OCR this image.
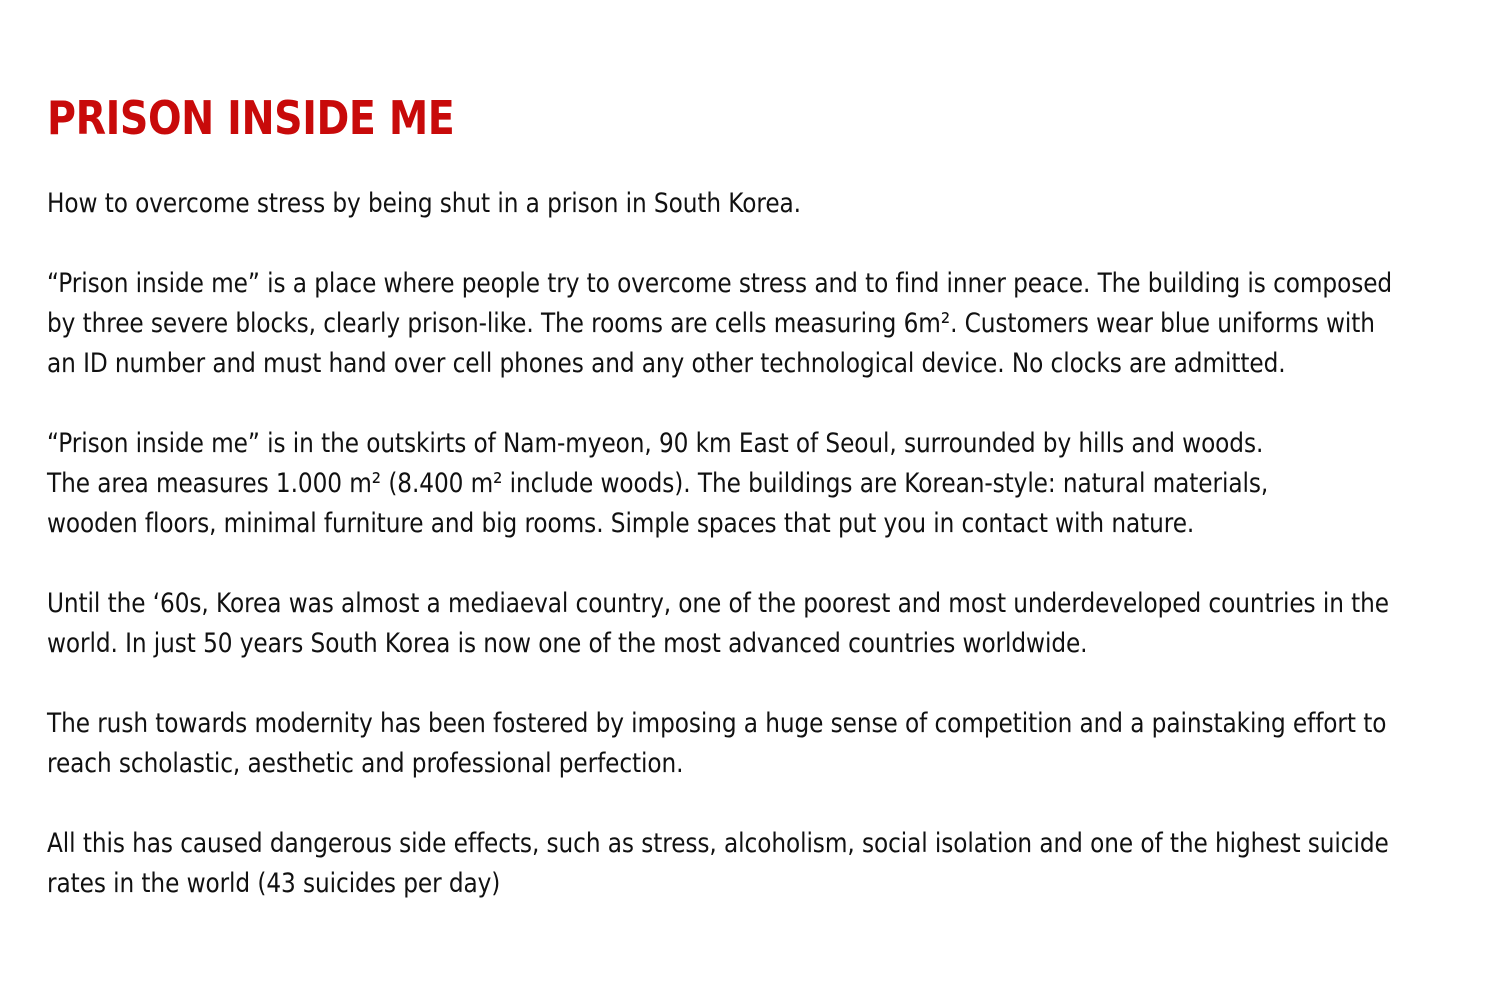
PRISON INSIDE ME

How to overcome stress by being shut in a prison in South Korea.

“Prison inside me” is a place where people try to overcome stress and to find inner peace. The building is composed
by three severe blocks, clearly prison-like. The rooms are cells measuring 6m². Customers wear blue uniforms with
an ID number and must hand over cell phones and any other technological device. No clocks are admitted.

“Prison inside me” is in the outskirts of Nam-myeon, 90 km East of Seoul, surrounded by hills and woods.
The area measures 1.000 m² (8.400 m² include woods). The buildings are Korean-style: natural materials,
wooden floors, minimal furniture and big rooms. Simple spaces that put you in contact with nature.

Until the ‘60s, Korea was almost a mediaeval country, one of the poorest and most underdeveloped countries in the
world. In just 50 years South Korea is now one of the most advanced countries worldwide.

The rush towards modernity has been fostered by imposing a huge sense of competition and a painstaking effort to
reach scholastic, aesthetic and professional perfection.

All this has caused dangerous side effects, such as stress, alcoholism, social isolation and one of the highest suicide
rates in the world (43 suicides per day)
